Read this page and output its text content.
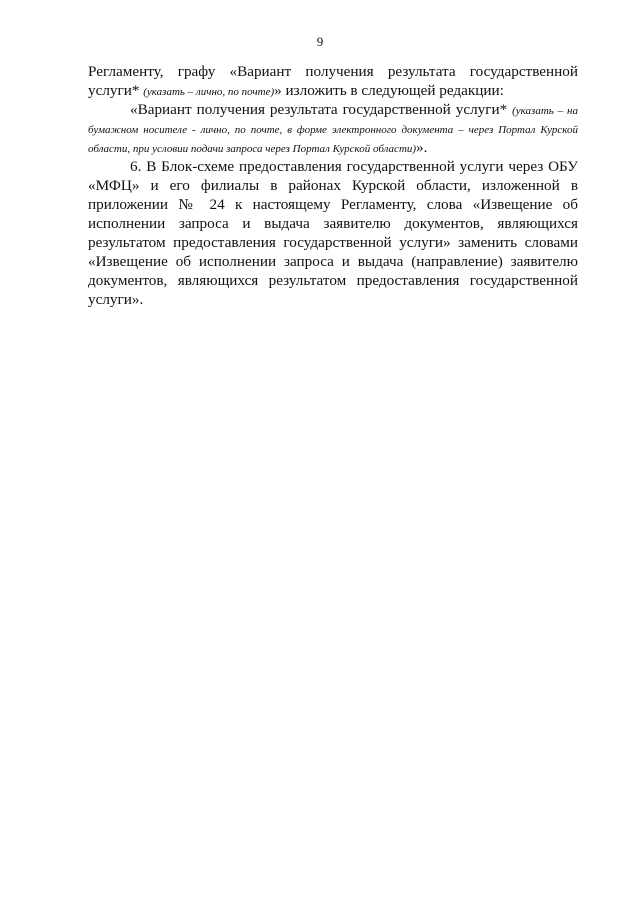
9

Регламенту, графу «Вариант получения результата государственной услуги* (указать – лично, по почте)» изложить в следующей редакции:

«Вариант получения результата государственной услуги* (указать – на бумажном носителе - лично, по почте, в форме электронного документа – через Портал Курской области, при условии подачи запроса через Портал Курской области)».

6. В Блок-схеме предоставления государственной услуги через ОБУ «МФЦ» и его филиалы в районах Курской области, изложенной в приложении № 24 к настоящему Регламенту, слова «Извещение об исполнении запроса и выдача заявителю документов, являющихся результатом предоставления государственной услуги» заменить словами «Извещение об исполнении запроса и выдача (направление) заявителю документов, являющихся результатом предоставления государственной услуги».
